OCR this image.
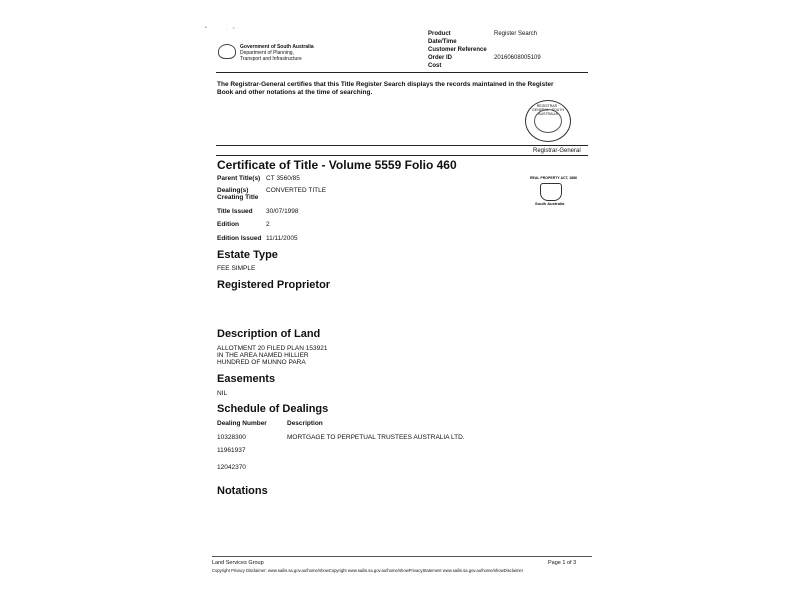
•	· ~
Government of South Australia
Department of Planning,
Transport and Infrastructure
Product	Register Search
Date/Time
Customer Reference
Order ID	20160608005109
Cost
The Registrar-General certifies that this Title Register Search displays the records maintained in the Register
Book and other notations at the time of searching.
REGISTRAR · GENERAL · SOUTH AUSTRALIA
Registrar-General
Certificate of Title - Volume 5559 Folio 460
REAL PROPERTY ACT, 1886
South Australia
Parent Title(s) CT 3560/85
Dealing(s)
Creating Title
CONVERTED TITLE
Title Issued 30/07/1998
Edition	2
Edition Issued 11/11/2005
Estate Type
FEE SIMPLE
Registered Proprietor
Description of Land
ALLOTMENT 20 FILED PLAN 153921
IN THE AREA NAMED HILLIER
HUNDRED OF MUNNO PARA
Easements
NIL
Schedule of Dealings
Dealing Number	Description
10328300	MORTGAGE TO PERPETUAL TRUSTEES AUSTRALIA LTD.
11961937
12042370
Notations
Land Services Group	Page 1 of 3
Copyright Privacy Disclaimer: www.sailis.sa.gov.au/home/showCopyright www.sailis.sa.gov.au/home/showPrivacyStatement www.sailis.sa.gov.au/home/showDisclaimer
